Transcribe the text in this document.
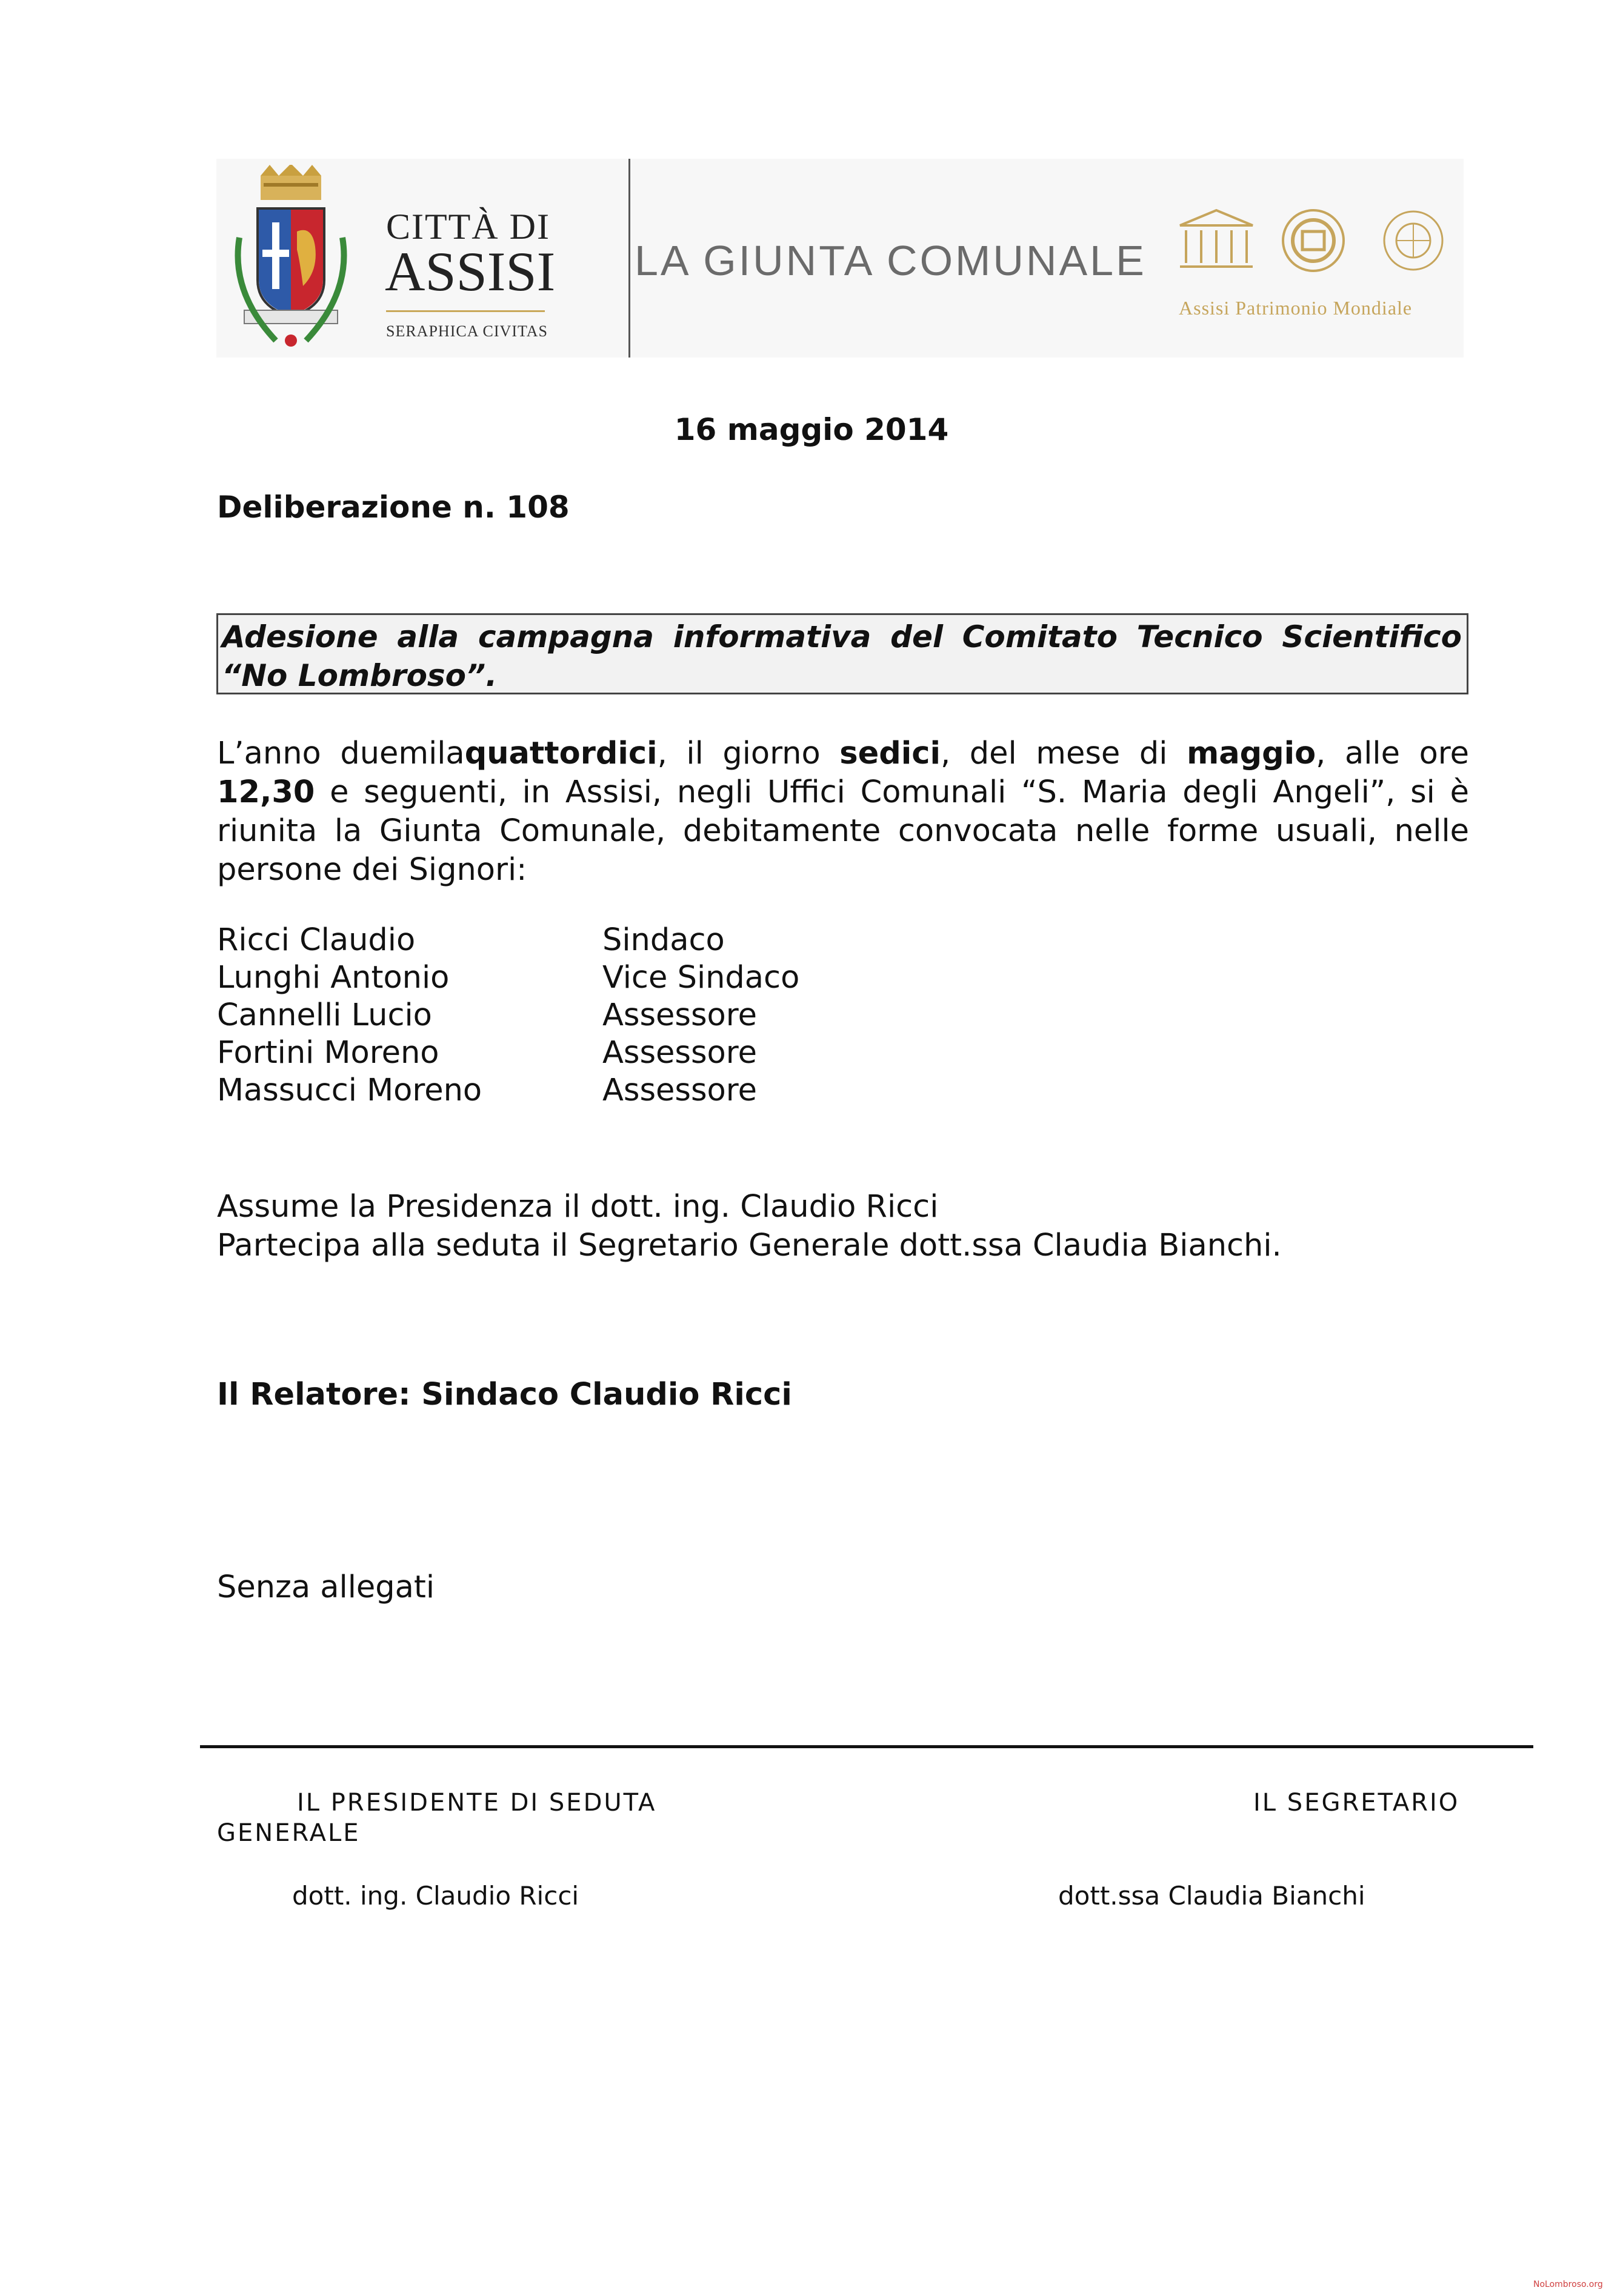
CITTÀ DI
ASSISI
SERAPHICA CIVITAS
LA GIUNTA COMUNALE
Assisi Patrimonio Mondiale
16 maggio 2014
Deliberazione n. 108
Adesione alla campagna informativa del Comitato Tecnico Scientifico “No Lombroso”.

L’anno duemilaquattordici, il giorno sedici, del mese di maggio, alle ore 12,30 e seguenti, in Assisi, negli Uffici Comunali “S. Maria degli Angeli”, si è riunita la Giunta Comunale, debitamente convocata nelle forme usuali, nelle persone dei Signori:

Ricci Claudio	Sindaco
Lunghi Antonio	Vice Sindaco
Cannelli Lucio	Assessore
Fortini Moreno	Assessore
Massucci Moreno	Assessore
Assume la Presidenza il dott. ing. Claudio Ricci
Partecipa alla seduta il Segretario Generale dott.ssa Claudia Bianchi.
Il Relatore: Sindaco Claudio Ricci
Senza allegati
IL PRESIDENTE DI SEDUTA
GENERALE
IL SEGRETARIO
dott. ing. Claudio Ricci	dott.ssa Claudia Bianchi
NoLombroso.org
